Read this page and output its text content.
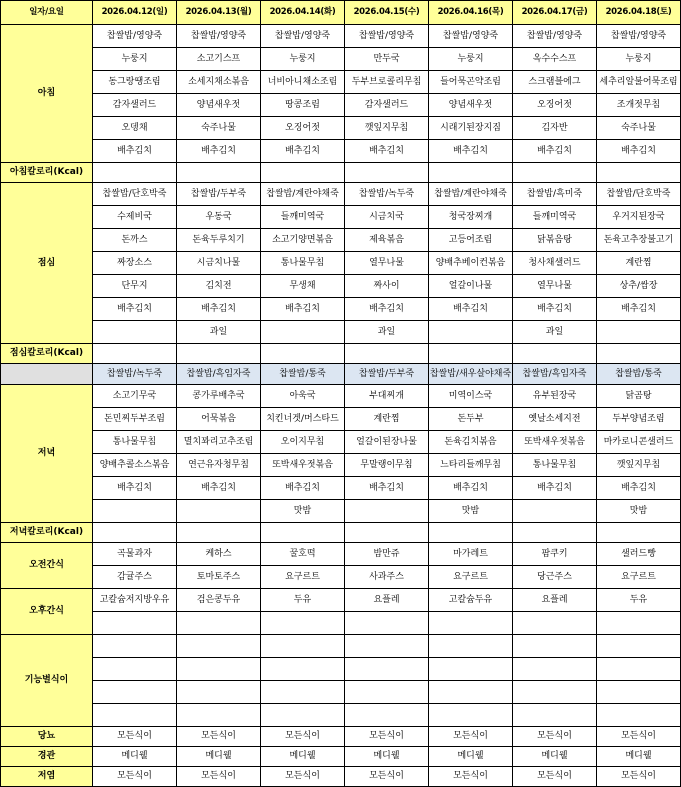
일자/요일	2026.04.12(일)	2026.04.13(월)	2026.04.14(화)	2026.04.15(수)	2026.04.16(목)	2026.04.17(금)	2026.04.18(토)
아침	찹쌀밥/영양죽	찹쌀밥/영양죽	찹쌀밥/영양죽	찹쌀밥/영양죽	찹쌀밥/영양죽	찹쌀밥/영양죽	찹쌀밥/영양죽
	누룽지	소고기스프	누룽지	만두국	누룽지	옥수수스프	누룽지
	동그랑땡조림	소세지채소볶음	너비아니채소조림	두부브로콜리무침	들어묵곤약조림	스크램블에그	세추리알불어묵조림
	감자샐러드	양념새우젓	땅콩조림	감자샐러드	양념새우젓	오징어젓	조개젓무침
	오뎅채	숙주나물	오징어젓	깻잎지무침	시래기된장지짐	김자반	숙주나물
	배추김치	배추김치	배추김치	배추김치	배추김치	배추김치	배추김치
아침칼로리(Kcal)							
점심	찹쌀밥/단호박죽	찹쌀밥/두부죽	찹쌀밥/계란야채죽	찹쌀밥/녹두죽	찹쌀밥/계란야채죽	찹쌀밥/흑미죽	찹쌀밥/단호박죽
	수제비국	우동국	들깨미역국	시금치국	청국장찌개	들깨미역국	우거지된장국
	돈까스	돈육두루치기	소고기양면볶음	제육볶음	고등어조림	닭볶음탕	돈육고추장불고기
	짜장소스	시금치나물	통나물무침	열무나물	양배추베이컨볶음	청사채샐러드	계란찜
	단무지	김치전	무생채	짜사이	얼갈이나물	열무나물	상추/쌈장
	배추김치	배추김치	배추김치	배추김치	배추김치	배추김치	배추김치
		과일		과일		과일	
점심칼로리(Kcal)							
	찹쌀밥/녹두죽	찹쌀밥/흑임자죽	찹쌀밥/통죽	찹쌀밥/두부죽	찹쌀밥/새우살야채죽	찹쌀밥/흑임자죽	찹쌀밥/통죽
저녁	소고기무국	콩가루배추국	아욱국	부대찌개	미역이스국	유부된장국	닭곰탕
	돈민찌두부조림	어묵볶음	치킨너겟/머스타드	계란찜	돈두부	옛날소세지전	두부양념조림
	통나물무침	멸치꽈리고추조림	오이지무침	얼갈이된장나물	돈육김치볶음	또박새우젓볶음	마카로니콘샐러드
	양배추콜소스볶음	연근유자청무침	또박새우젓볶음	무말랭이무침	느타리들깨무침	통나물무침	깻잎지무침
	배추김치	배추김치	배추김치	배추김치	배추김치	배추김치	배추김치
			맛밤		맛밤		맛밤
저녁칼로리(Kcal)							
오전간식	곡물과자	케하스	꿀호떡	밤만쥬	마가레트	팜쿠키	샐러드빵
	감귤주스	토마토주스	요구르트	사과주스	요구르트	당근주스	요구르트
오후간식	고칼슘저지방우유	검은콩두유	두유	요플레	고칼슘두유	요플레	두유

기능별식이							

당뇨	모든식이	모든식이	모든식이	모든식이	모든식이	모든식이	모든식이
경관	메디웰	메디웰	메디웰	메디웰	메디웰	메디웰	메디웰
저염	모든식이	모든식이	모든식이	모든식이	모든식이	모든식이	모든식이
